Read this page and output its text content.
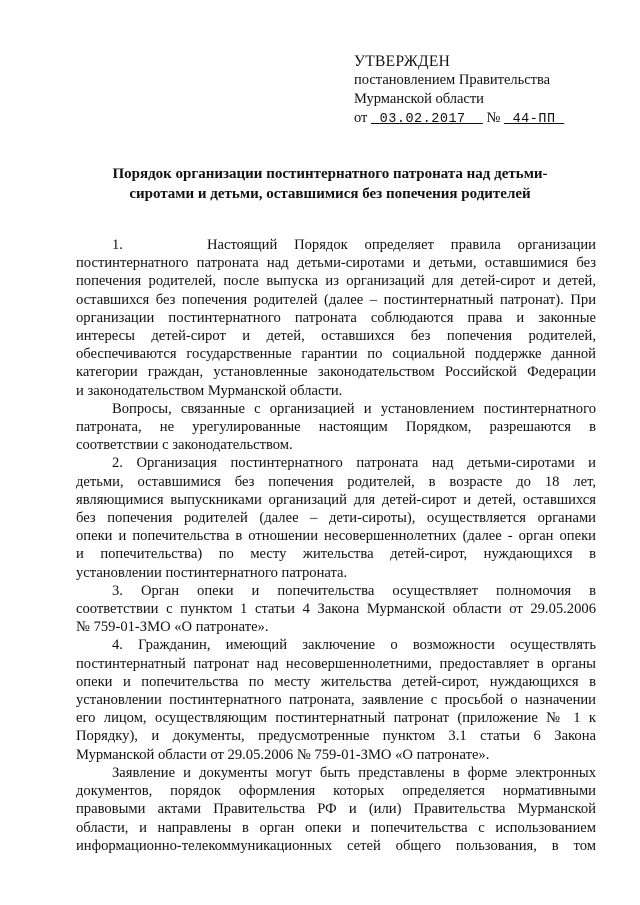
УТВЕРЖДЕН
постановлением Правительства
Мурманской области
от 03.02.2017 № 44-ПП
Порядок организации постинтернатного патроната над детьми-
сиротами и детьми, оставшимися без попечения родителей
1.     Настоящий Порядок определяет правила организации
постинтернатного патроната над детьми-сиротами и детьми, оставшимися без
попечения родителей, после выпуска из организаций для детей-сирот и детей,
оставшихся без попечения родителей (далее – постинтернатный патронат). При
организации постинтернатного патроната соблюдаются права и законные
интересы детей-сирот и детей, оставшихся без попечения родителей,
обеспечиваются государственные гарантии по социальной поддержке данной
категории граждан, установленные законодательством Российской Федерации
и законодательством Мурманской области.
Вопросы, связанные с организацией и установлением постинтернатного
патроната, не урегулированные настоящим Порядком, разрешаются в
соответствии с законодательством.
2. Организация постинтернатного патроната над детьми-сиротами и
детьми, оставшимися без попечения родителей, в возрасте до 18 лет,
являющимися выпускниками организаций для детей-сирот и детей, оставшихся
без попечения родителей (далее – дети-сироты), осуществляется органами
опеки и попечительства в отношении несовершеннолетних (далее - орган опеки
и попечительства) по месту жительства детей-сирот, нуждающихся в
установлении постинтернатного патроната.
3. Орган опеки и попечительства осуществляет полномочия в
соответствии с пунктом 1 статьи 4 Закона Мурманской области от 29.05.2006
№ 759-01-ЗМО «О патронате».
4. Гражданин, имеющий заключение о возможности осуществлять
постинтернатный патронат над несовершеннолетними, предоставляет в органы
опеки и попечительства по месту жительства детей-сирот, нуждающихся в
установлении постинтернатного патроната, заявление с просьбой о назначении
его лицом, осуществляющим постинтернатный патронат (приложение № 1 к
Порядку), и документы, предусмотренные пунктом 3.1 статьи 6 Закона
Мурманской области от 29.05.2006 № 759-01-ЗМО «О патронате».
Заявление и документы могут быть представлены в форме электронных
документов, порядок оформления которых определяется нормативными
правовыми актами Правительства РФ и (или) Правительства Мурманской
области, и направлены в орган опеки и попечительства с использованием
информационно-телекоммуникационных сетей общего пользования, в том
